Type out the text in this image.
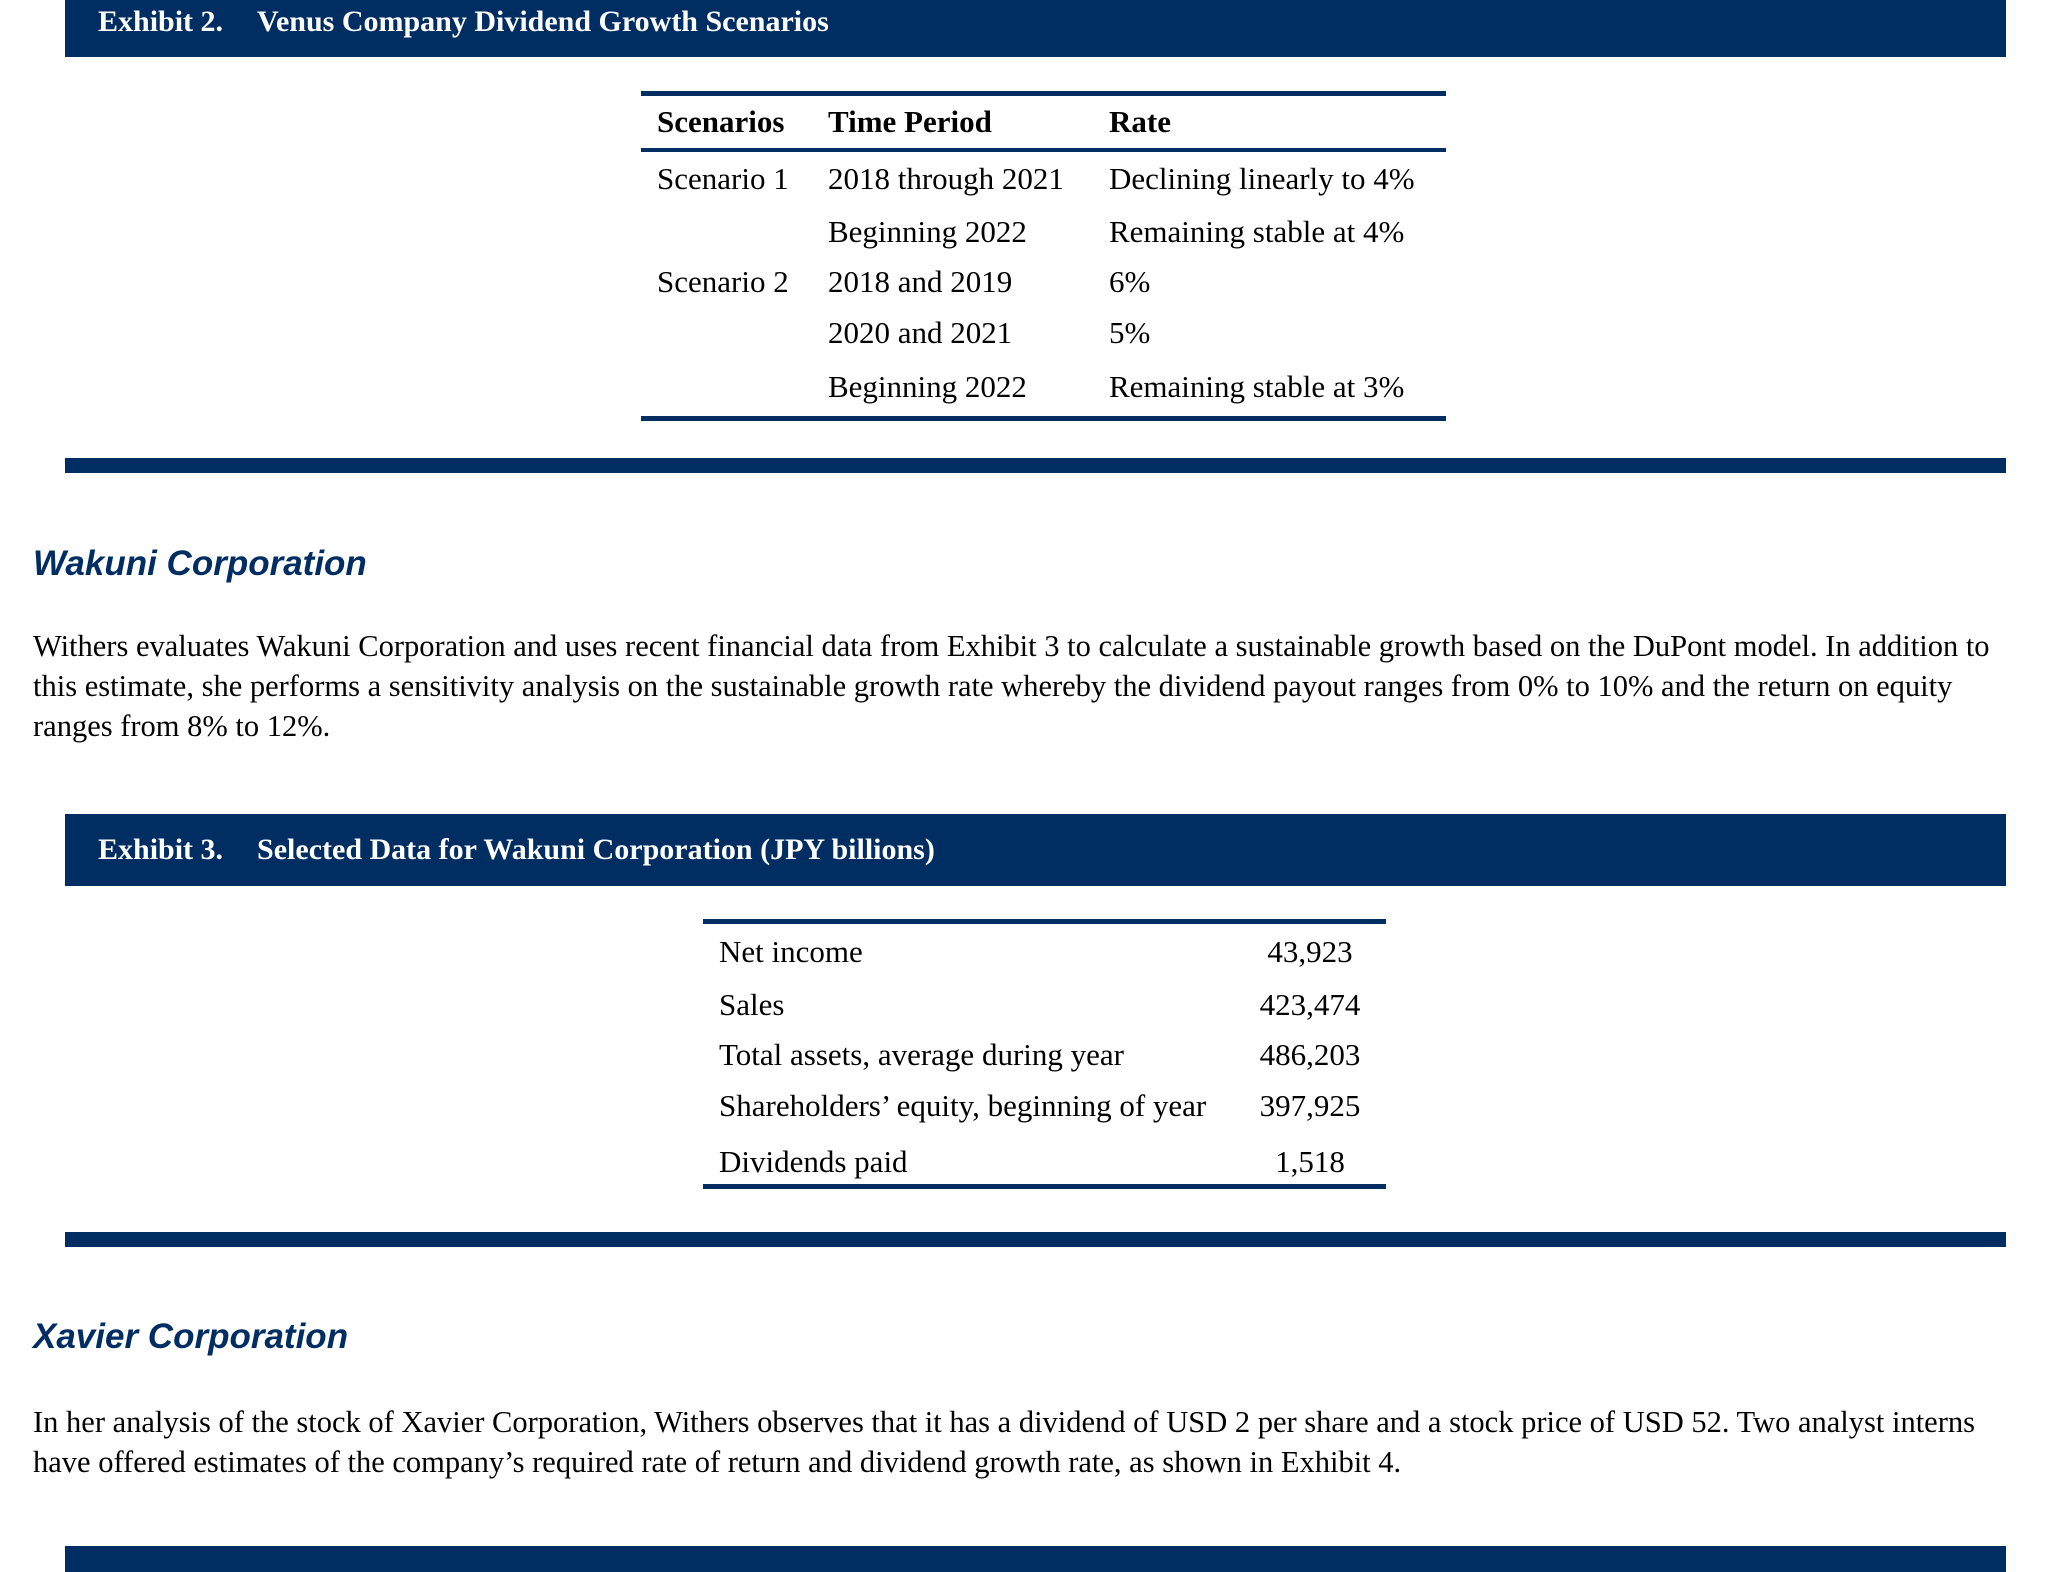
Exhibit 2. Venus Company Dividend Growth Scenarios
Scenarios	Time Period	Rate
Scenario 1	2018 through 2021	Declining linearly to 4%
	Beginning 2022	Remaining stable at 4%
Scenario 2	2018 and 2019	6%
	2020 and 2021	5%
	Beginning 2022	Remaining stable at 3%
Wakuni Corporation

Withers evaluates Wakuni Corporation and uses recent financial data from Exhibit 3 to calculate a sustainable growth based on the DuPont model. In addition to this estimate, she performs a sensitivity analysis on the sustainable growth rate whereby the dividend payout ranges from 0% to 10% and the return on equity ranges from 8% to 12%.

Exhibit 3. Selected Data for Wakuni Corporation (JPY billions)
Net income	43,923
Sales	423,474
Total assets, average during year	486,203
Shareholders’ equity, beginning of year	397,925
Dividends paid	1,518
Xavier Corporation

In her analysis of the stock of Xavier Corporation, Withers observes that it has a dividend of USD 2 per share and a stock price of USD 52. Two analyst interns have offered estimates of the company’s required rate of return and dividend growth rate, as shown in Exhibit 4.
